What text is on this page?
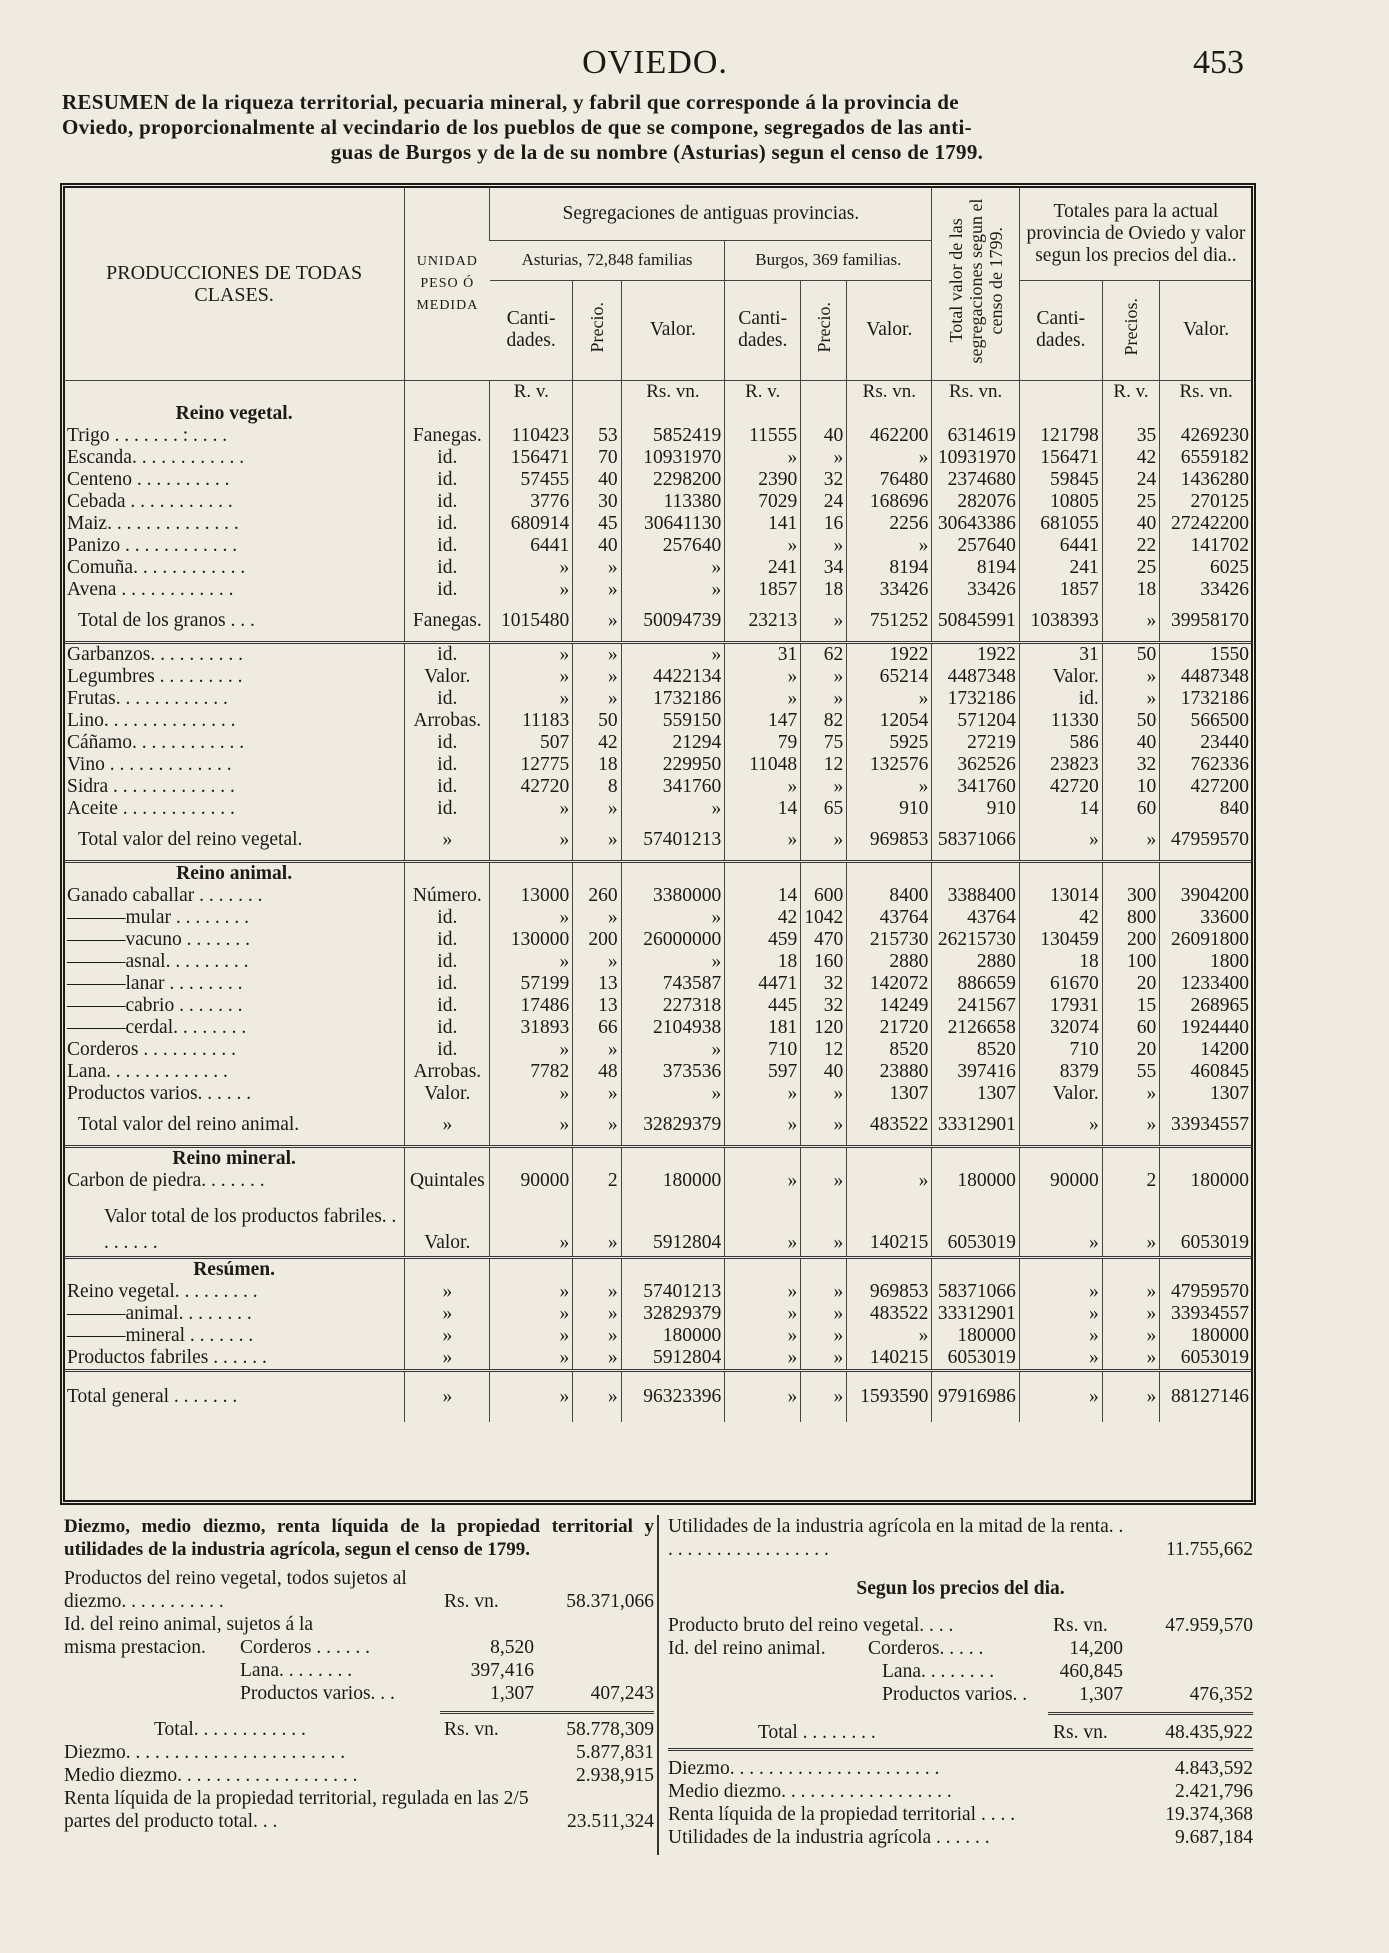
OVIEDO.	453
RESUMEN de la riqueza territorial, pecuaria mineral, y fabril que corresponde á la provincia de
Oviedo, proporcionalmente al vecindario de los pueblos de que se compone, segregados de las anti-
guas de Burgos y de la de su nombre (Asturias) segun el censo de 1799.
PRODUCCIONES DE TODAS CLASES.	UNIDAD PESO Ó MEDIDA	Segregaciones de antiguas provincias.						Total valor de las segregaciones segun el censo de 1799.	Totales para la actual provincia de Oviedo y valor segun los precios del dia..		
		Asturias, 72,848 familias			Burgos, 369 familias.						
		Canti-dades.	Precio.	Valor.	Canti-dades.	Precio.	Valor.		Canti-dades.	Precios.	Valor.
		R. v.		Rs. vn.	R. v.		Rs. vn.	Rs. vn.		R. v.	Rs. vn.
Reino vegetal.											
Trigo . . . . . . . : . . . .	Fanegas.	110423	53	5852419	11555	40	462200	6314619	121798	35	4269230
Escanda. . . . . . . . . . . .	id.	156471	70	10931970	»	»	»	10931970	156471	42	6559182
Centeno . . . . . . . . . .	id.	57455	40	2298200	2390	32	76480	2374680	59845	24	1436280
Cebada . . . . . . . . . . .	id.	3776	30	113380	7029	24	168696	282076	10805	25	270125
Maiz. . . . . . . . . . . . . .	id.	680914	45	30641130	141	16	2256	30643386	681055	40	27242200
Panizo . . . . . . . . . . . .	id.	6441	40	257640	»	»	»	257640	6441	22	141702
Comuña. . . . . . . . . . . .	id.	»	»	»	241	34	8194	8194	241	25	6025
Avena . . . . . . . . . . . .	id.	»	»	»	1857	18	33426	33426	1857	18	33426
Total de los granos . . .	Fanegas.	1015480	»	50094739	23213	»	751252	50845991	1038393	»	39958170
Garbanzos. . . . . . . . . .	id.	»	»	»	31	62	1922	1922	31	50	1550
Legumbres . . . . . . . . .	Valor.	»	»	4422134	»	»	65214	4487348	Valor.	»	4487348
Frutas. . . . . . . . . . . .	id.	»	»	1732186	»	»	»	1732186	id.	»	1732186
Lino. . . . . . . . . . . . . .	Arrobas.	11183	50	559150	147	82	12054	571204	11330	50	566500
Cáñamo. . . . . . . . . . . .	id.	507	42	21294	79	75	5925	27219	586	40	23440
Vino . . . . . . . . . . . . .	id.	12775	18	229950	11048	12	132576	362526	23823	32	762336
Sidra . . . . . . . . . . . . .	id.	42720	8	341760	»	»	»	341760	42720	10	427200
Aceite . . . . . . . . . . . .	id.	»	»	»	14	65	910	910	14	60	840
Total valor del reino vegetal.	»	»	»	57401213	»	»	969853	58371066	»	»	47959570
Reino animal.											
Ganado caballar . . . . . . .	Número.	13000	260	3380000	14	600	8400	3388400	13014	300	3904200
———mular . . . . . . . .	id.	»	»	»	42	1042	43764	43764	42	800	33600
———vacuno . . . . . . .	id.	130000	200	26000000	459	470	215730	26215730	130459	200	26091800
———asnal. . . . . . . . .	id.	»	»	»	18	160	2880	2880	18	100	1800
———lanar . . . . . . . .	id.	57199	13	743587	4471	32	142072	886659	61670	20	1233400
———cabrio . . . . . . .	id.	17486	13	227318	445	32	14249	241567	17931	15	268965
———cerdal. . . . . . . .	id.	31893	66	2104938	181	120	21720	2126658	32074	60	1924440
Corderos . . . . . . . . . .	id.	»	»	»	710	12	8520	8520	710	20	14200
Lana. . . . . . . . . . . . .	Arrobas.	7782	48	373536	597	40	23880	397416	8379	55	460845
Productos varios. . . . . .	Valor.	»	»	»	»	»	1307	1307	Valor.	»	1307
Total valor del reino animal.	»	»	»	32829379	»	»	483522	33312901	»	»	33934557
Reino mineral.											
Carbon de piedra. . . . . . .	Quintales	90000	2	180000	»	»	»	180000	90000	2	180000
Valor total de los productos fabriles. . . . . . . .	Valor.	»	»	5912804	»	»	140215	6053019	»	»	6053019
Resúmen.											
Reino vegetal. . . . . . . . .	»	»	»	57401213	»	»	969853	58371066	»	»	47959570
———animal. . . . . . . .	»	»	»	32829379	»	»	483522	33312901	»	»	33934557
———mineral . . . . . . .	»	»	»	180000	»	»	»	180000	»	»	180000
Productos fabriles . . . . . .	»	»	»	5912804	»	»	140215	6053019	»	»	6053019
Total general . . . . . . .	»	»	»	96323396	»	»	1593590	97916986	»	»	88127146
Diezmo, medio diezmo, renta líquida de la propiedad territorial y utilidades de la industria agrícola, segun el censo de 1799.
Productos del reino vegetal, todos sujetos al diezmo. . . . . . . . . . .	Rs. vn.	58.371,066
Id. del reino animal, sujetos á la misma prestacion.	Corderos . . . . . .	8,520
Lana. . . . . . . .	397,416
Productos varios. . .	1,307	407,243
Total. . . . . . . . . . . .	Rs. vn.	58.778,309
Diezmo. . . . . . . . . . . . . . . . . . . . . . .	5.877,831
Medio diezmo. . . . . . . . . . . . . . . . . . .	2.938,915
Renta líquida de la propiedad territorial, regulada en las 2/5 partes del producto total. . .	23.511,324
Utilidades de la industria agrícola en la mitad de la renta. . . . . . . . . . . . . . . . . . .	11.755,662
Segun los precios del dia.
Producto bruto del reino vegetal. . . .	Rs. vn.	47.959,570
Id. del reino animal. Corderos. . . . .	14,200
Lana. . . . . . . .	460,845
Productos varios. .	1,307	476,352
Total . . . . . . . .	Rs. vn.	48.435,922
Diezmo. . . . . . . . . . . . . . . . . . . . . .	4.843,592
Medio diezmo. . . . . . . . . . . . . . . . . .	2.421,796
Renta líquida de la propiedad territorial . . . .	19.374,368
Utilidades de la industria agrícola . . . . . .	9.687,184
